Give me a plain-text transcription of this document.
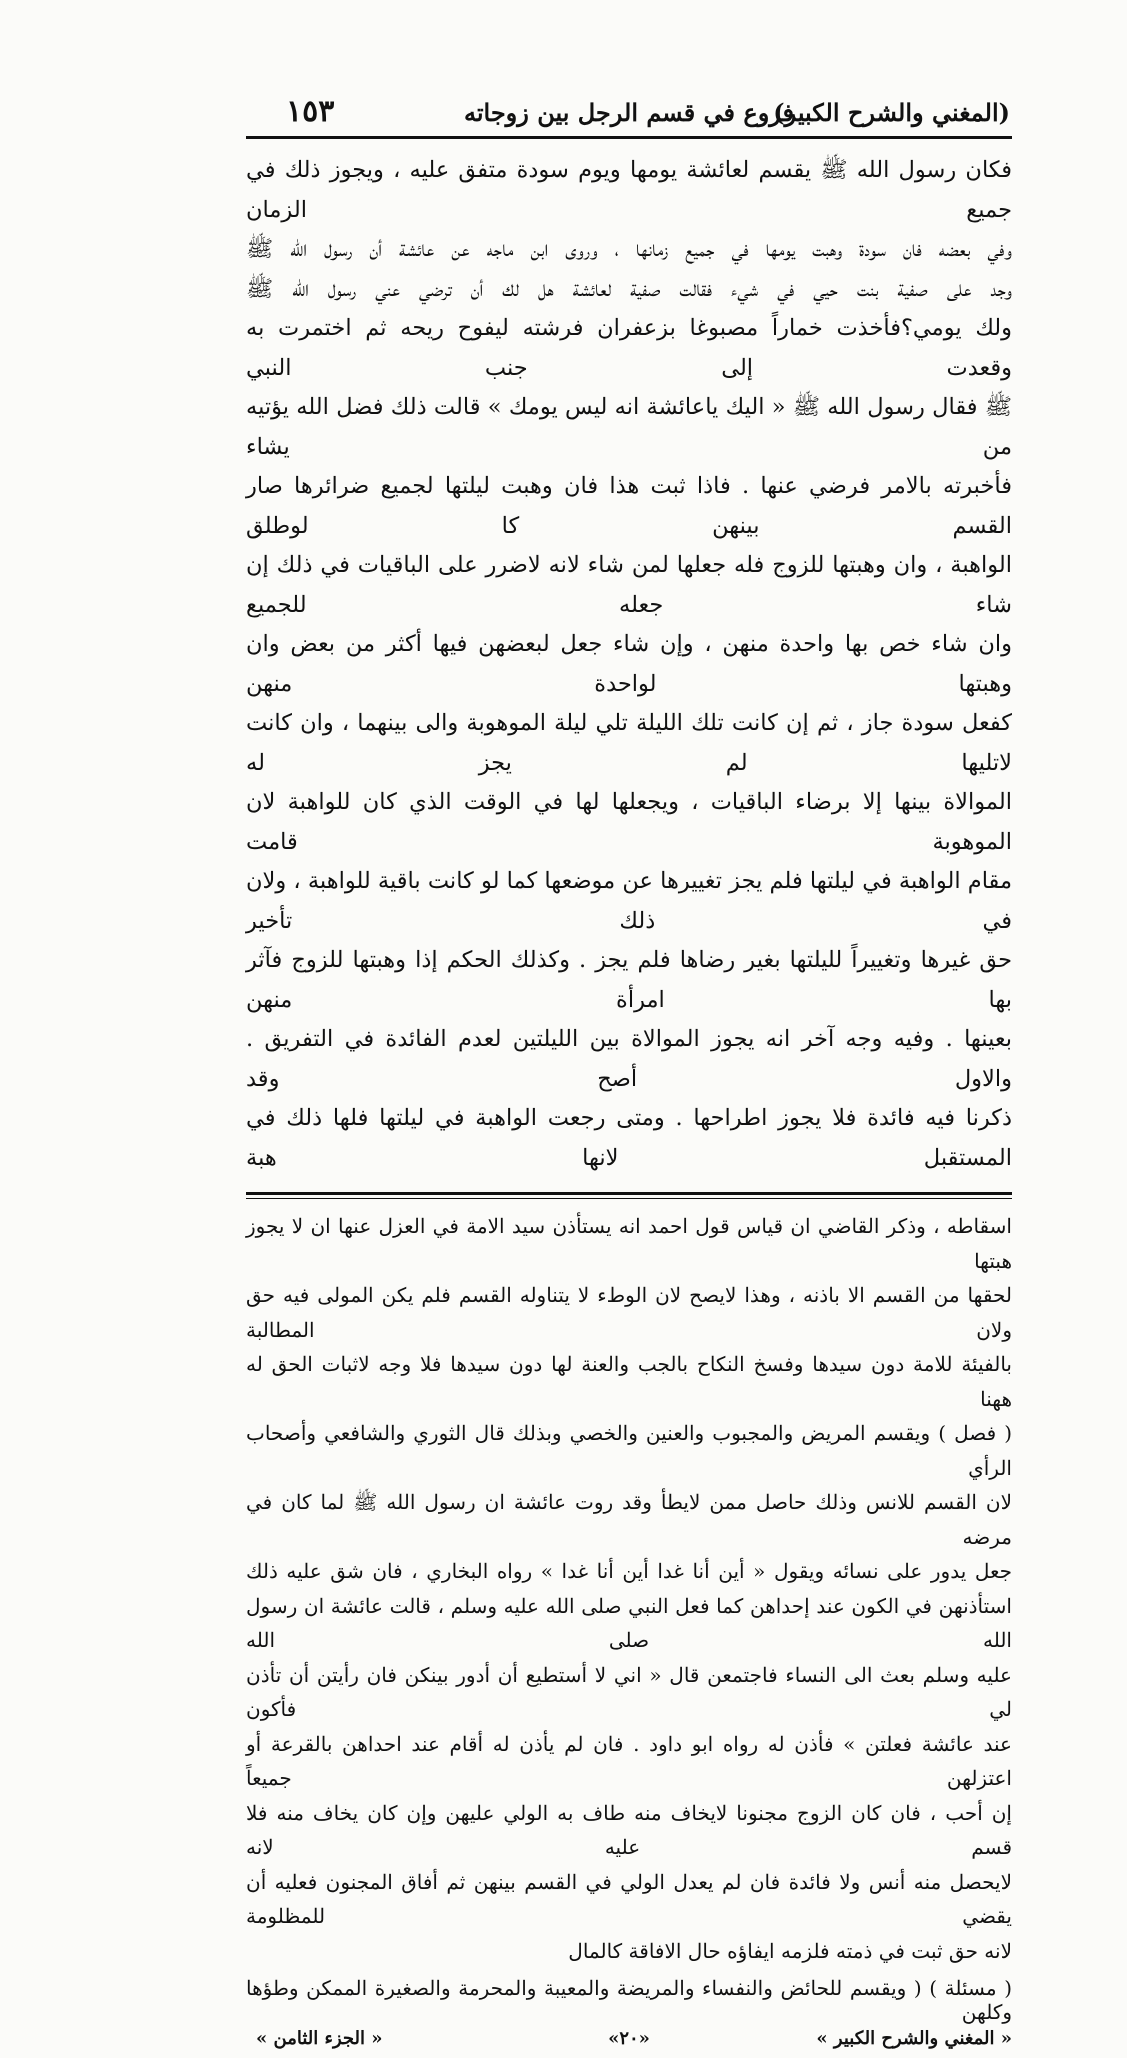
(المغني والشرح الكبير)
فروع في قسم الرجل بين زوجاته
١٥٣

فكان رسول الله ﷺ يقسم لعائشة يومها ويوم سودة متفق عليه ، ويجوز ذلك في جميع الزمان

وفي بعضه فان سودة وهبت يومها في جميع زمانها ، وروى ابن ماجه عن عائشة أن رسول الله ﷺ

وجد على صفية بنت حيي في شيء فقالت صفية لعائشة هل لك أن ترضي عني رسول الله ﷺ

ولك يومي؟فأخذت خماراً مصبوغا بزعفران فرشته ليفوح ريحه ثم اختمرت به وقعدت إلى جنب النبي

ﷺ فقال رسول الله ﷺ « اليك ياعائشة انه ليس يومك » قالت ذلك فضل الله يؤتيه من يشاء

فأخبرته بالامر فرضي عنها . فاذا ثبت هذا فان وهبت ليلتها لجميع ضرائرها صار القسم بينهن كا لوطلق

الواهبة ، وان وهبتها للزوج فله جعلها لمن شاء لانه لاضرر على الباقيات في ذلك إن شاء جعله للجميع

وان شاء خص بها واحدة منهن ، وإن شاء جعل لبعضهن فيها أكثر من بعض وان وهبتها لواحدة منهن

كفعل سودة جاز ، ثم إن كانت تلك الليلة تلي ليلة الموهوبة والى بينهما ، وان كانت لاتليها لم يجز له

الموالاة بينها إلا برضاء الباقيات ، ويجعلها لها في الوقت الذي كان للواهبة لان الموهوبة قامت

مقام الواهبة في ليلتها فلم يجز تغييرها عن موضعها كما لو كانت باقية للواهبة ، ولان في ذلك تأخير

حق غيرها وتغييراً لليلتها بغير رضاها فلم يجز . وكذلك الحكم إذا وهبتها للزوج فآثر بها امرأة منهن

بعينها . وفيه وجه آخر انه يجوز الموالاة بين الليلتين لعدم الفائدة في التفريق . والاول أصح وقد

ذكرنا فيه فائدة فلا يجوز اطراحها . ومتى رجعت الواهبة في ليلتها فلها ذلك في المستقبل لانها هبة

اسقاطه ، وذكر القاضي ان قياس قول احمد انه يستأذن سيد الامة في العزل عنها ان لا يجوز هبتها

لحقها من القسم الا باذنه ، وهذا لايصح لان الوطء لا يتناوله القسم فلم يكن المولى فيه حق ولان المطالبة

بالفيئة للامة دون سيدها وفسخ النكاح بالجب والعنة لها دون سيدها فلا وجه لاثبات الحق له ههنا

( فصل ) ويقسم المريض والمجبوب والعنين والخصي وبذلك قال الثوري والشافعي وأصحاب الرأي

لان القسم للانس وذلك حاصل ممن لايطأ وقد روت عائشة ان رسول الله ﷺ لما كان في مرضه

جعل يدور على نسائه ويقول « أين أنا غدا أين أنا غدا » رواه البخاري ، فان شق عليه ذلك

استأذنهن في الكون عند إحداهن كما فعل النبي صلى الله عليه وسلم ، قالت عائشة ان رسول الله صلى الله

عليه وسلم بعث الى النساء فاجتمعن قال « اني لا أستطيع أن أدور بينكن فان رأيتن أن تأذن لي فأكون

عند عائشة فعلتن » فأذن له رواه ابو داود . فان لم يأذن له أقام عند احداهن بالقرعة أو اعتزلهن جميعاً

إن أحب ، فان كان الزوج مجنونا لايخاف منه طاف به الولي عليهن وإن كان يخاف منه فلا قسم عليه لانه

لايحصل منه أنس ولا فائدة فان لم يعدل الولي في القسم بينهن ثم أفاق المجنون فعليه أن يقضي للمظلومة

لانه حق ثبت في ذمته فلزمه ايفاؤه حال الافاقة كالمال

( مسئلة ) ( ويقسم للحائض والنفساء والمريضة والمعيبة والمحرمة والصغيرة الممكن وطؤها وكلهن
« المغني والشرح الكبير »
«٢٠»
« الجزء الثامن »
